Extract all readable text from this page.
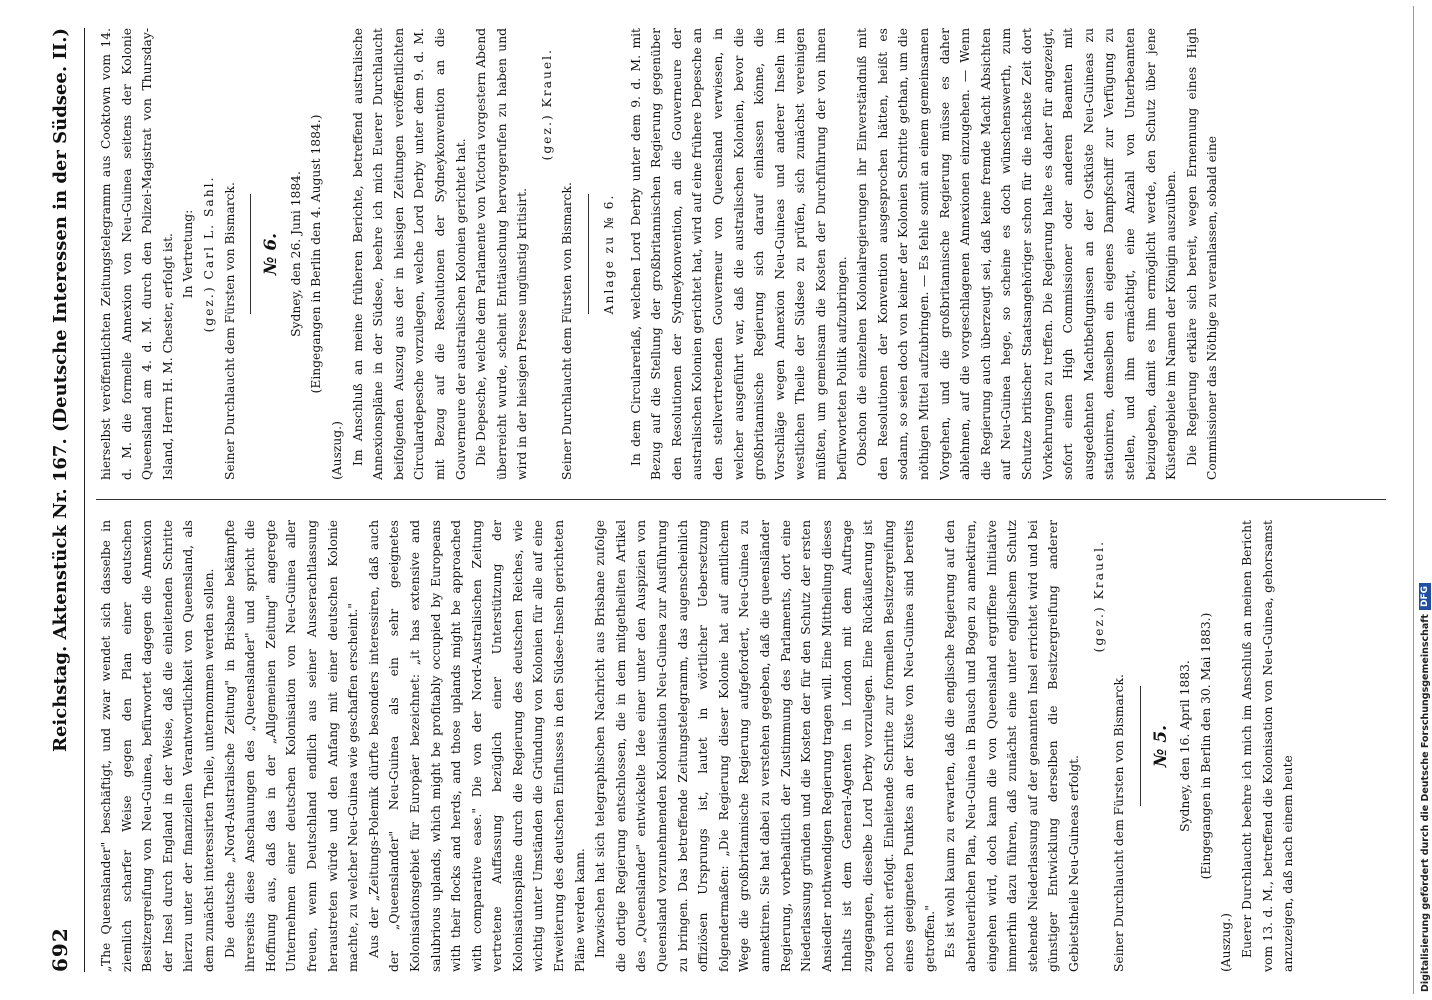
692
Reichstag. Aktenstück Nr. 167. (Deutsche Interessen in der Südsee. II.) „The Queenslander" beschäftigt, und zwar wendet sich dasselbe in ziemlich scharfer Weise gegen den Plan einer deutschen Besitzergreifung von Neu-Guinea, befürwortet dagegen die Annexion der Insel durch England in der Weise, daß die einleitenden Schritte hierzu unter der finanziellen Verantwortlichkeit von Queensland, als dem zunächst interessirten Theile, unternommen werden sollen. Die deutsche „Nord-Australische Zeitung" in Brisbane bekämpfte ihrerseits diese Anschauungen des „Queenslander" und spricht die Hoffnung aus, daß das in der „Allgemeinen Zeitung" angeregte Unternehmen einer deutschen Kolonisation von Neu-Guinea aller freuen, wenn Deutschland endlich aus seiner Ausserachtlassung heraustreten würde und den Anfang mit einer deutschen Kolonie machte, zu welcher Neu-Guinea wie geschaffen erscheint." Aus der „Zeitungs-Polemik dürfte besonders interessiren, daß auch der „Queenslander" Neu-Guinea als ein sehr geeignetes Kolonisationsgebiet für Europäer bezeichnet: „it has extensive and salubrious uplands, which might be profitably occupied by Europeans with their flocks and herds, and those uplands might be approached with comparative ease." Die von der Nord-Australischen Zeitung vertretene Auffassung bezüglich einer Unterstützung der Kolonisationspläne durch die Regierung des deutschen Reiches, wie wichtig unter Umständen die Gründung von Kolonien für alle auf eine Erweiterung des deutschen Einflusses in den Südsee-Inseln gerichteten Pläne werden kann. Inzwischen hat sich telegraphischen Nachricht aus Brisbane zufolge die dortige Regierung entschlossen, die in dem mitgetheilten Artikel des „Queenslander" entwickelte Idee einer unter den Auspizien von Queensland vorzunehmenden Kolonisation Neu-Guinea zur Ausführung zu bringen. Das betreffende Zeitungstelegramm, das augenscheinlich offiziösen Ursprungs ist, lautet in wörtlicher Uebersetzung folgendermaßen: „Die Regierung dieser Kolonie hat auf amtlichem Wege die großbritannische Regierung aufgefordert, Neu-Guinea zu annektiren. Sie hat dabei zu verstehen gegeben, daß die queensländer Regierung, vorbehaltlich der Zustimmung des Parlaments, dort eine Niederlassung gründen und die Kosten der für den Schutz der ersten Ansiedler nothwendigen Regierung tragen will. Eine Mittheilung dieses Inhalts ist dem General-Agenten in London mit dem Auftrage zugegangen, dieselbe Lord Derby vorzulegen. Eine Rückäußerung ist noch nicht erfolgt. Einleitende Schritte zur formellen Besitzergreifung eines geeigneten Punktes an der Küste von Neu-Guinea sind bereits getroffen." Es ist wohl kaum zu erwarten, daß die englische Regierung auf den abenteuerlichen Plan, Neu-Guinea in Bausch und Bogen zu annektiren, eingehen wird, doch kann die von Queensland ergriffene Initiative immerhin dazu führen, daß zunächst eine unter englischem Schutz stehende Niederlassung auf der genannten Insel errichtet wird und bei günstiger Entwicklung derselben die Besitzergreifung anderer Gebietstheile Neu-Guineas erfolgt.

(gez.) Krauel.

Seiner Durchlaucht dem Fürsten von Bismarck. № 5. Sydney, den 16. April 1883. (Eingegangen in Berlin den 30. Mai 1883.)

(Auszug.) Euerer Durchlaucht beehre ich mich im Anschluß an meinen Bericht vom 13. d. M., betreffend die Kolonisation von Neu-Guinea, gehorsamst anzuzeigen, daß nach einem heute

hierselbst veröffentlichten Zeitungstelegramm aus Cooktown vom 14. d. M. die formelle Annexion von Neu-Guinea seitens der Kolonie Queensland am 4. d. M. durch den Polizei-Magistrat von Thursday-Island, Herrn H. M. Chester, erfolgt ist. In Vertretung: (gez.) Carl L. Sahl. Seiner Durchlaucht dem Fürsten von Bismarck. № 6. Sydney, den 26. Juni 1884. (Eingegangen in Berlin den 4. August 1884.)

(Auszug.) Im Anschluß an meine früheren Berichte, betreffend australische Annexionspläne in der Südsee, beehre ich mich Euerer Durchlaucht beifolgenden Auszug aus der in hiesigen Zeitungen veröffentlichten Circulardepesche vorzulegen, welche Lord Derby unter dem 9. d. M. mit Bezug auf die Resolutionen der Sydneykonvention an die Gouverneure der australischen Kolonien gerichtet hat. Die Depesche, welche dem Parlamente von Victoria vorgestern Abend überreicht wurde, scheint Enttäuschung hervorgerufen zu haben und wird in der hiesigen Presse ungünstig kritisirt.

(gez.) Krauel.

Seiner Durchlaucht dem Fürsten von Bismarck. Anlage zu № 6. In dem Circularerlaß, welchen Lord Derby unter dem 9. d. M. mit Bezug auf die Stellung der großbritannischen Regierung gegenüber den Resolutionen der Sydneykonvention, an die Gouverneure der australischen Kolonien gerichtet hat, wird auf eine frühere Depesche an den stellvertretenden Gouverneur von Queensland verwiesen, in welcher ausgeführt war, daß die australischen Kolonien, bevor die großbritannische Regierung sich darauf einlassen könne, die Vorschläge wegen Annexion Neu-Guineas und anderer Inseln im westlichen Theile der Südsee zu prüfen, sich zunächst vereinigen müßten, um gemeinsam die Kosten der Durchführung der von ihnen befürworteten Politik aufzubringen. Obschon die einzelnen Kolonialregierungen ihr Einverständniß mit den Resolutionen der Konvention ausgesprochen hätten, heißt es sodann, so seien doch von keiner der Kolonien Schritte gethan, um die nöthigen Mittel aufzubringen. — Es fehle somit an einem gemeinsamen Vorgehen, und die großbritannische Regierung müsse es daher ablehnen, auf die vorgeschlagenen Annexionen einzugehen. — Wenn die Regierung auch überzeugt sei, daß keine fremde Macht Absichten auf Neu-Guinea hege, so scheine es doch wünschenswerth, zum Schutze britischer Staatsangehöriger schon für die nächste Zeit dort Vorkehrungen zu treffen. Die Regierung halte es daher für angezeigt, sofort einen High Commissioner oder anderen Beamten mit ausgedehnten Machtbefugnissen an der Ostküste Neu-Guineas zu stationiren, demselben ein eigenes Dampfschiff zur Verfügung zu stellen, und ihm ermächtigt, eine Anzahl von Unterbeamten beizugeben, damit es ihm ermöglicht werde, den Schutz über jene Küstengebiete im Namen der Königin auszuüben. Die Regierung erkläre sich bereit, wegen Ernennung eines High Commissioner das Nöthige zu veranlassen, sobald eine

Digitalisierung gefördert durch die Deutsche Forschungsgemeinschaft
DFG
